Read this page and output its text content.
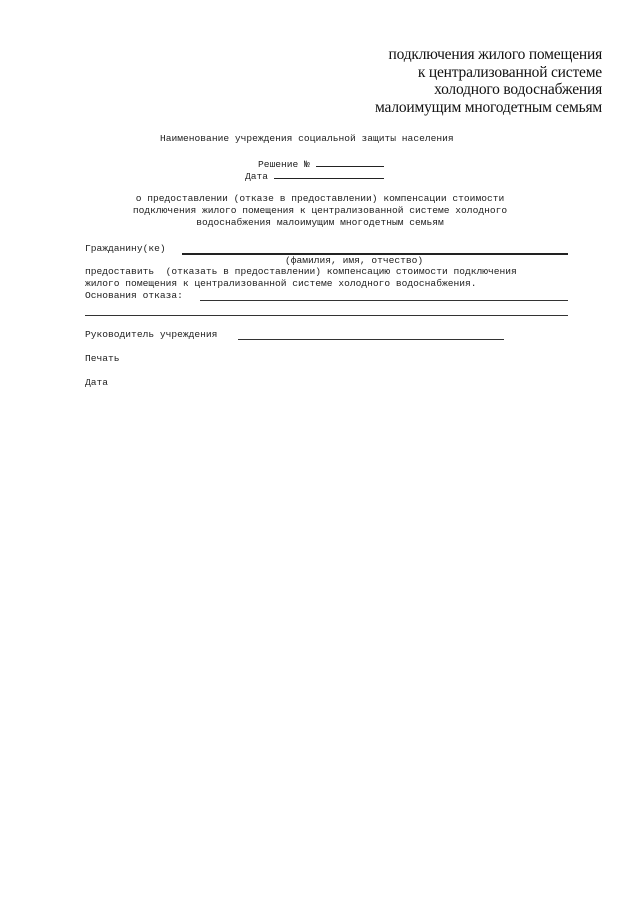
подключения жилого помещения
к централизованной системе
холодного водоснабжения
малоимущим многодетным семьям
Наименование учреждения социальной защиты населения
Решение №
Дата
о предоставлении (отказе в предоставлении) компенсации стоимости
подключения жилого помещения к централизованной системе холодного
водоснабжения малоимущим многодетным семьям
Гражданину(ке)
(фамилия, имя, отчество)
предоставить  (отказать в предоставлении) компенсацию стоимости подключения
жилого помещения к централизованной системе холодного водоснабжения.
Основания отказа:
Руководитель учреждения
Печать
Дата
